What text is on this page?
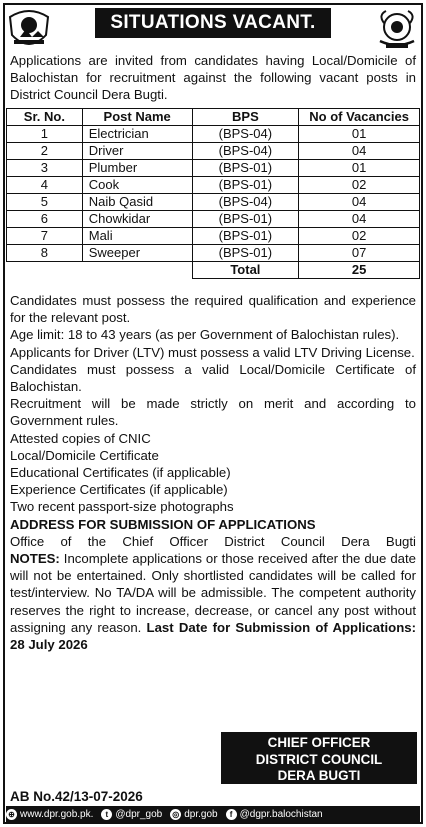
SITUATIONS VACANT.
Applications are invited from candidates having Local/Domicile of Balochistan for recruitment against the following vacant posts in District Council Dera Bugti.
Sr. No.	Post Name	BPS	No of Vacancies
1	Electrician	(BPS-04)	01
2	Driver	(BPS-04)	04
3	Plumber	(BPS-01)	01
4	Cook	(BPS-01)	02
5	Naib Qasid	(BPS-04)	04
6	Chowkidar	(BPS-01)	04
7	Mali	(BPS-01)	02
8	Sweeper	(BPS-01)	07
		Total	25

Candidates must possess the required qualification and experience for the relevant post.

Age limit: 18 to 43 years (as per Government of Balochistan rules).

Applicants for Driver (LTV) must possess a valid LTV Driving License.

Candidates must possess a valid Local/Domicile Certificate of Balochistan.

Recruitment will be made strictly on merit and according to Government rules.

Attested copies of CNIC
Local/Domicile Certificate
Educational Certificates (if applicable)
Experience Certificates (if applicable)
Two recent passport-size photographs
ADDRESS FOR SUBMISSION OF APPLICATIONS
Office of the Chief Officer District Council Dera Bugti

NOTES: Incomplete applications or those received after the due date will not be entertained. Only shortlisted candidates will be called for test/interview. No TA/DA will be admissible. The competent authority reserves the right to increase, decrease, or cancel any post without assigning any reason. Last Date for Submission of Applications: 28 July 2026

CHIEF OFFICER
DISTRICT COUNCIL
DERA BUGTI
AB No.42/13-07-2026
⊕ www.dpr.gob.pk.	t @dpr_gob ◎ dpr.gob	f @dgpr.balochistan
